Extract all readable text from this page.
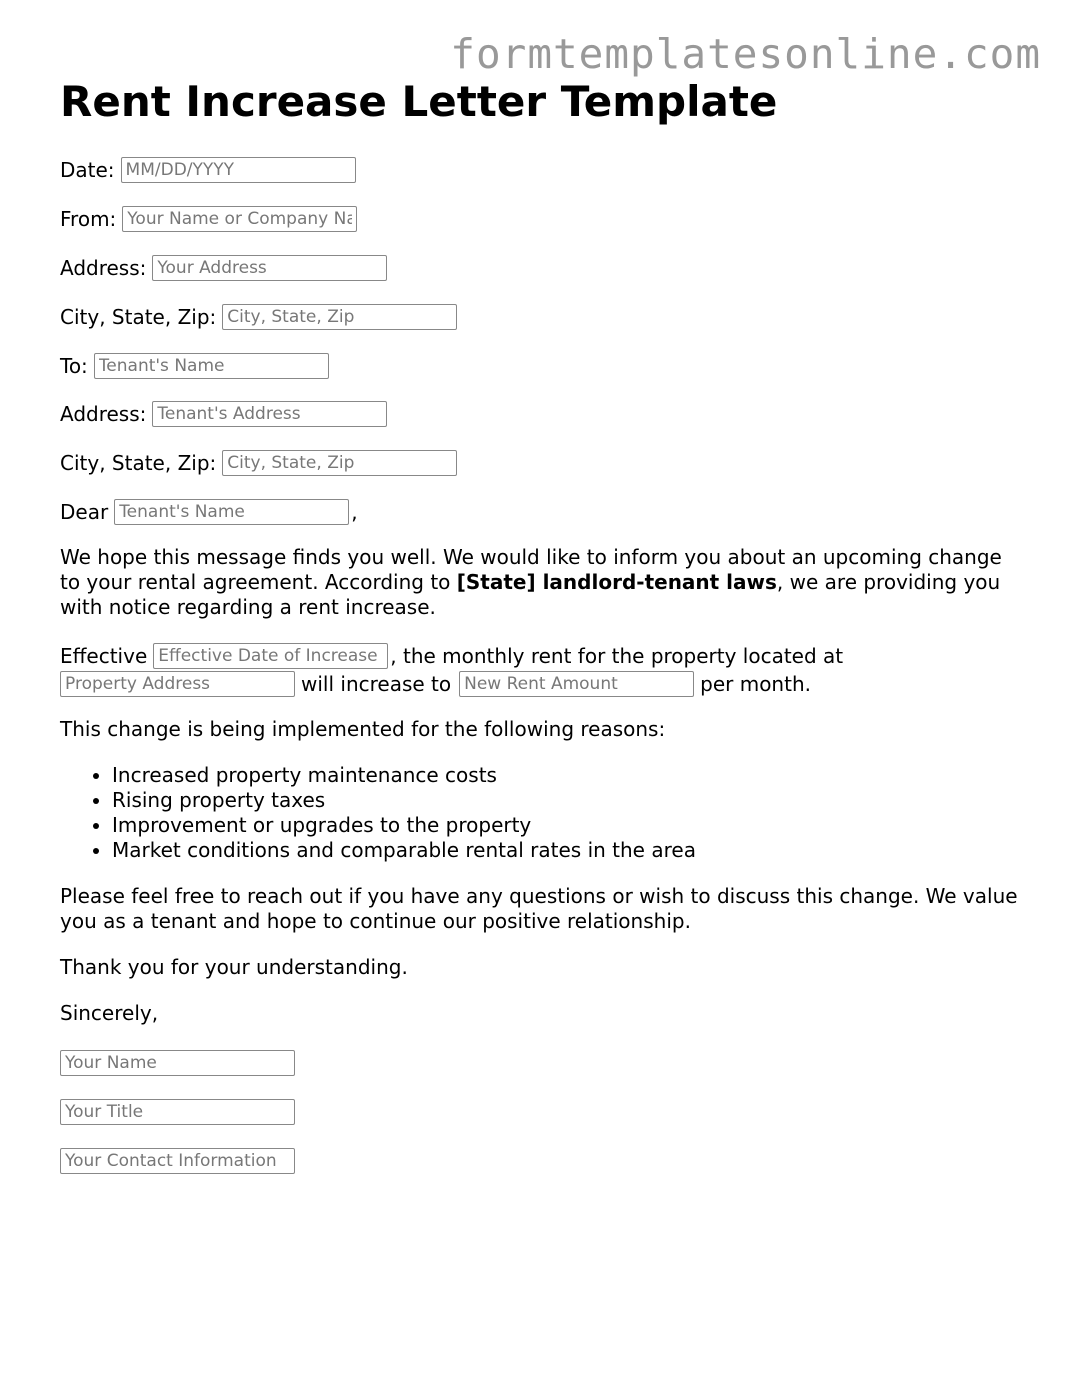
formtemplatesonline.com
Rent Increase Letter Template
Date:MM/DD/YYYY
From:Your Name or Company Name
Address:Your Address
City, State, Zip:City, State, Zip
To:Tenant's Name
Address:Tenant's Address
City, State, Zip:City, State, Zip
DearTenant's Name	,

We hope this message finds you well. We would like to inform you about an upcoming change to your rental agreement. According to [State] landlord-tenant laws, we are providing you with notice regarding a rent increase.

EffectiveEffective Date of Increase	, the monthly rent for the property located at
Property Addresswill increase toNew Rent Amount	per month.

This change is being implemented for the following reasons:

• Increased property maintenance costs
• Rising property taxes
• Improvement or upgrades to the property
• Market conditions and comparable rental rates in the area

Please feel free to reach out if you have any questions or wish to discuss this change. We value you as a tenant and hope to continue our positive relationship.

Thank you for your understanding.

Sincerely,

Your Name
Your Title
Your Contact Information
